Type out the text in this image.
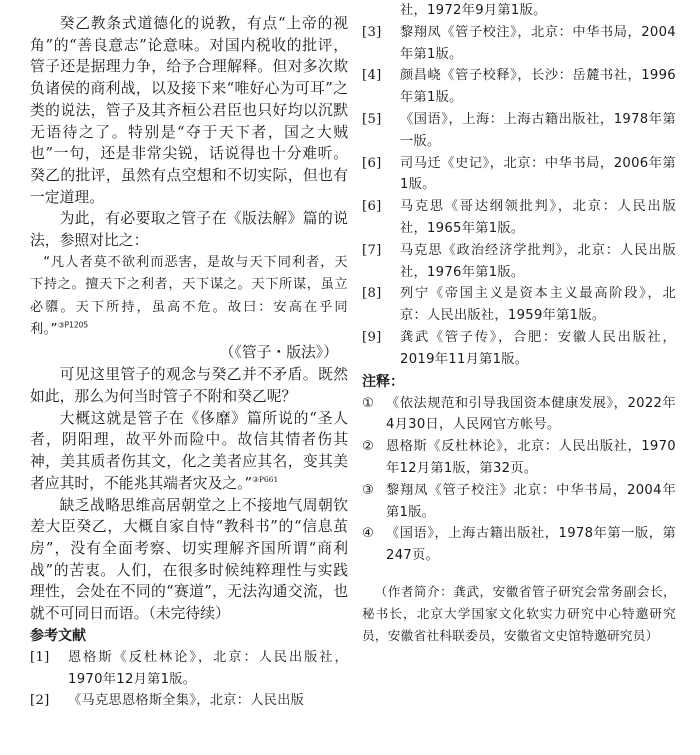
癸乙教条式道德化的说教，有点“上帝的视角”的“善良意志”论意味。对国内税收的批评，管子还是据理力争，给予合理解释。但对多次欺负诸侯的商利战，以及接下来“唯好心为可耳”之类的说法，管子及其齐桓公君臣也只好均以沉默无语待之了。特别是“夺于天下者，国之大贼也”一句，还是非常尖锐，话说得也十分难听。癸乙的批评，虽然有点空想和不切实际，但也有一定道理。

为此，有必要取之管子在《版法解》篇的说法，参照对比之：

“凡人者莫不欲利而恶害，是故与天下同利者，天下持之。擅天下之利者，天下谋之。天下所谋，虽立必隳。天下所持，虽高不危。故曰：安高在乎同利。”$^{③P1205}$

（《管子・版法》）

可见这里管子的观念与癸乙并不矛盾。既然如此，那么为何当时管子不附和癸乙呢？

大概这就是管子在《侈靡》篇所说的“圣人者，阴阳理，故平外而险中。故信其情者伤其神，美其质者伤其文，化之美者应其名，变其美者应其时，不能兆其端者灾及之。”$^{③P661}$

缺乏战略思维高居朝堂之上不接地气周朝钦差大臣癸乙，大概自家自恃“教科书”的“信息茧房”，没有全面考察、切实理解齐国所谓“商利战”的苦衷。人们，在很多时候纯粹理性与实践理性，会处在不同的“赛道”，无法沟通交流，也就不可同日而语。（未完待续）

参考文献
[1]	恩格斯《反杜林论》，北京：人民出版社，1970年12月第1版。
[2]	《马克思恩格斯全集》，北京：人民出版
社，1972年9月第1版。
[3]	黎翔凤《管子校注》，北京：中华书局，2004年第1版。
[4]	颜昌峣《管子校释》，长沙：岳麓书社，1996年第1版。
[5]	《国语》，上海：上海古籍出版社，1978年第一版。
[6]	司马迁《史记》，北京：中华书局，2006年第1版。
[6]	马克思《哥达纲领批判》，北京：人民出版社，1965年第1版。
[7]	马克思《政治经济学批判》，北京：人民出版社，1976年第1版。
[8]	列宁《帝国主义是资本主义最高阶段》，北京：人民出版社，1959年第1版。
[9]	龚武《管子传》，合肥：安徽人民出版社，2019年11月第1版。
注释：
① 《依法规范和引导我国资本健康发展》，2022年4月30日，人民网官方帐号。
② 恩格斯《反杜林论》，北京：人民出版社，1970年12月第1版，第32页。
③ 黎翔凤《管子校注》北京：中华书局，2004年第1版。
④ 《国语》，上海古籍出版社，1978年第一版，第247页。

（作者简介：龚武，安徽省管子研究会常务副会长，秘书长，北京大学国家文化软实力研究中心特邀研究员，安徽省社科联委员，安徽省文史馆特邀研究员）
